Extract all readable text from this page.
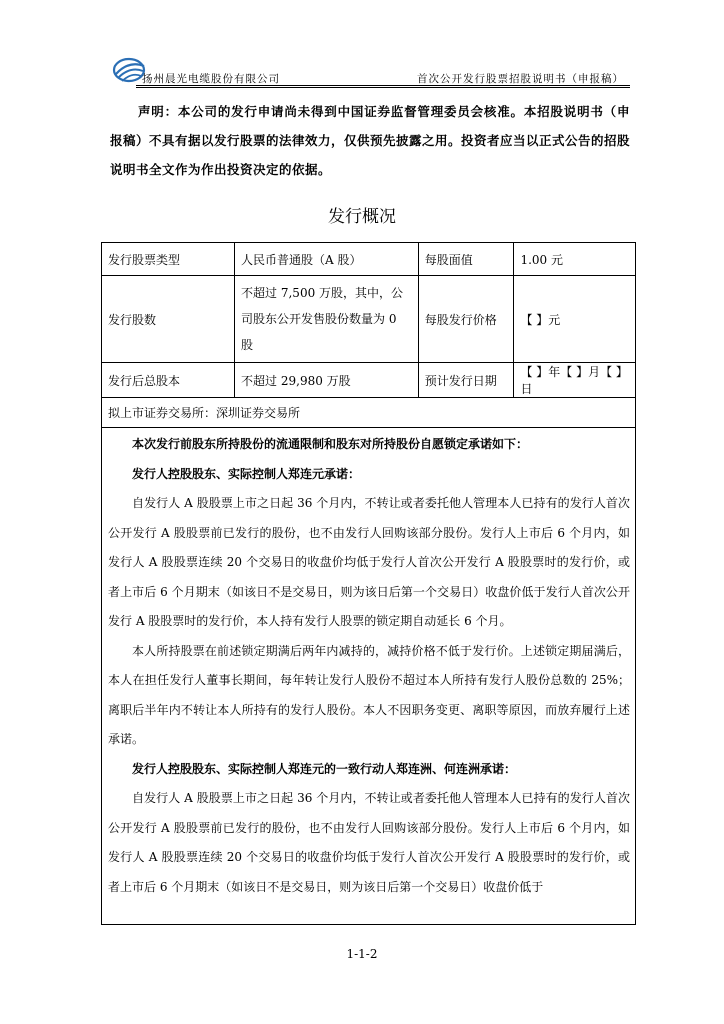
扬州晨光电缆股份有限公司	首次公开发行股票招股说明书（申报稿）
声明：本公司的发行申请尚未得到中国证券监督管理委员会核准。本招股说明书（申报稿）不具有据以发行股票的法律效力，仅供预先披露之用。投资者应当以正式公告的招股说明书全文作为作出投资决定的依据。
发行概况
发行股票类型	人民币普通股（A 股）	每股面值	1.00 元
发行股数	不超过 7,500 万股，其中，公司股东公开发售股份数量为 0 股	每股发行价格	【 】元
发行后总股本	不超过 29,980 万股	预计发行日期	【 】年【 】月【 】日
拟上市证券交易所：深圳证券交易所			

本次发行前股东所持股份的流通限制和股东对所持股份自愿锁定承诺如下：

发行人控股股东、实际控制人郑连元承诺：

自发行人 A 股股票上市之日起 36 个月内，不转让或者委托他人管理本人已持有的发行人首次公开发行 A 股股票前已发行的股份，也不由发行人回购该部分股份。发行人上市后 6 个月内，如发行人 A 股股票连续 20 个交易日的收盘价均低于发行人首次公开发行 A 股股票时的发行价，或者上市后 6 个月期末（如该日不是交易日，则为该日后第一个交易日）收盘价低于发行人首次公开发行 A 股股票时的发行价，本人持有发行人股票的锁定期自动延长 6 个月。

本人所持股票在前述锁定期满后两年内减持的，减持价格不低于发行价。上述锁定期届满后，本人在担任发行人董事长期间，每年转让发行人股份不超过本人所持有发行人股份总数的 25%；离职后半年内不转让本人所持有的发行人股份。本人不因职务变更、离职等原因，而放弃履行上述承诺。

发行人控股股东、实际控制人郑连元的一致行动人郑连洲、何连洲承诺：

自发行人 A 股股票上市之日起 36 个月内，不转让或者委托他人管理本人已持有的发行人首次公开发行 A 股股票前已发行的股份，也不由发行人回购该部分股份。发行人上市后 6 个月内，如发行人 A 股股票连续 20 个交易日的收盘价均低于发行人首次公开发行 A 股股票时的发行价，或者上市后 6 个月期末（如该日不是交易日，则为该日后第一个交易日）收盘价低于

1-1-2
